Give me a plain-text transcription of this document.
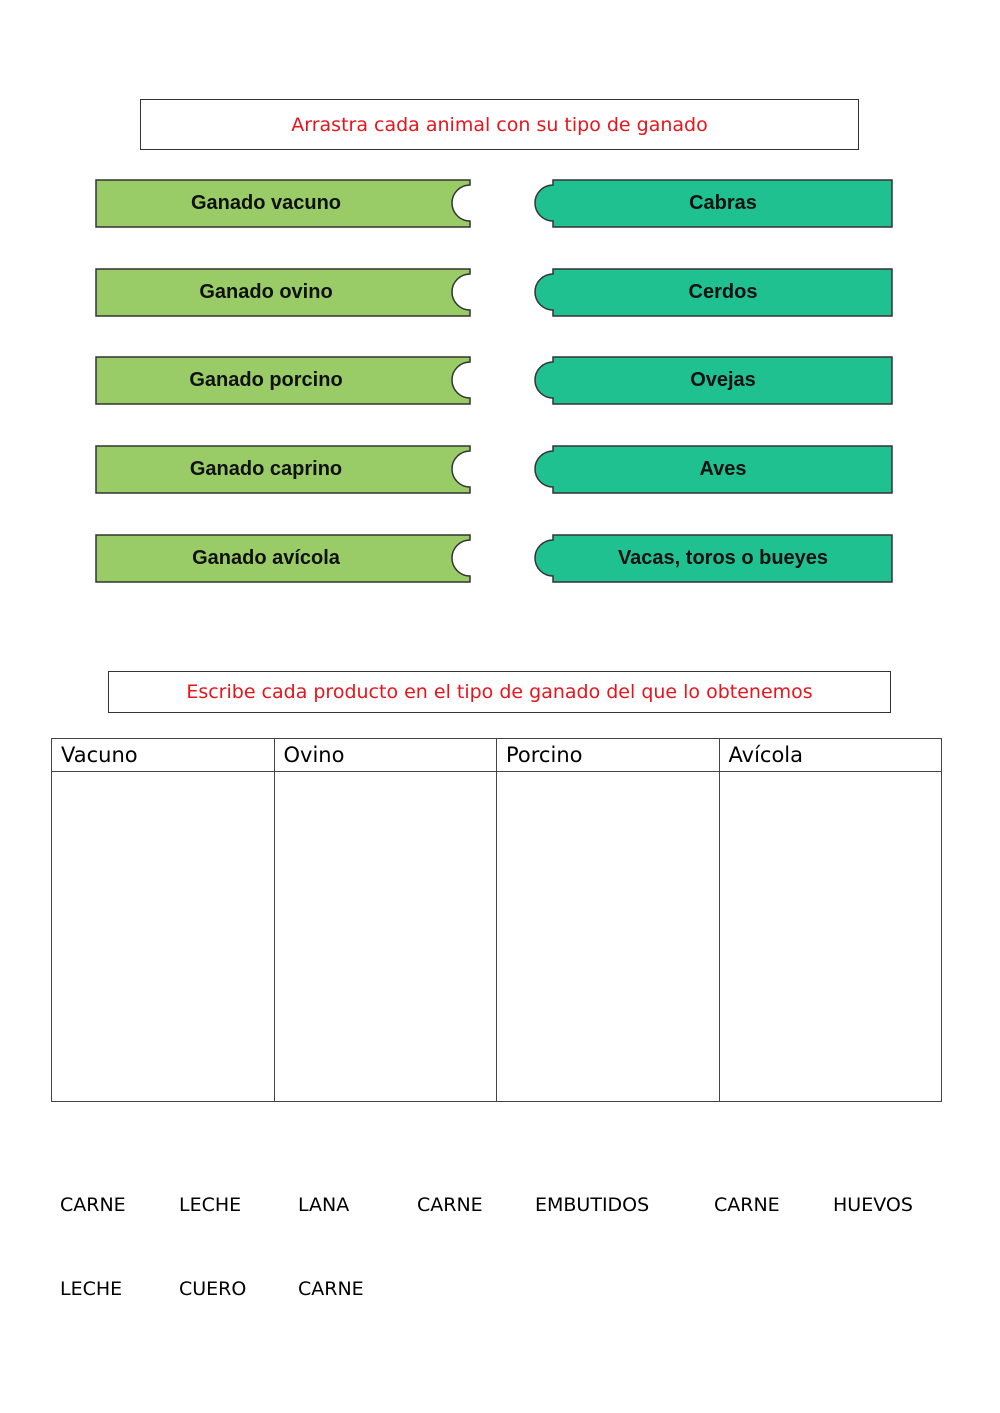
Arrastra cada animal con su tipo de ganado
Ganado vacuno
Ganado ovino
Ganado porcino
Ganado caprino
Ganado avícola
Cabras
Cerdos
Ovejas
Aves
Vacas, toros o bueyes
Escribe cada producto en el tipo de ganado del que lo obtenemos
Vacuno	Ovino	Porcino	Avícola

CARNE	LECHE	LANA	CARNE	EMBUTIDOS	CARNE	HUEVOS
LECHE	CUERO	CARNE
